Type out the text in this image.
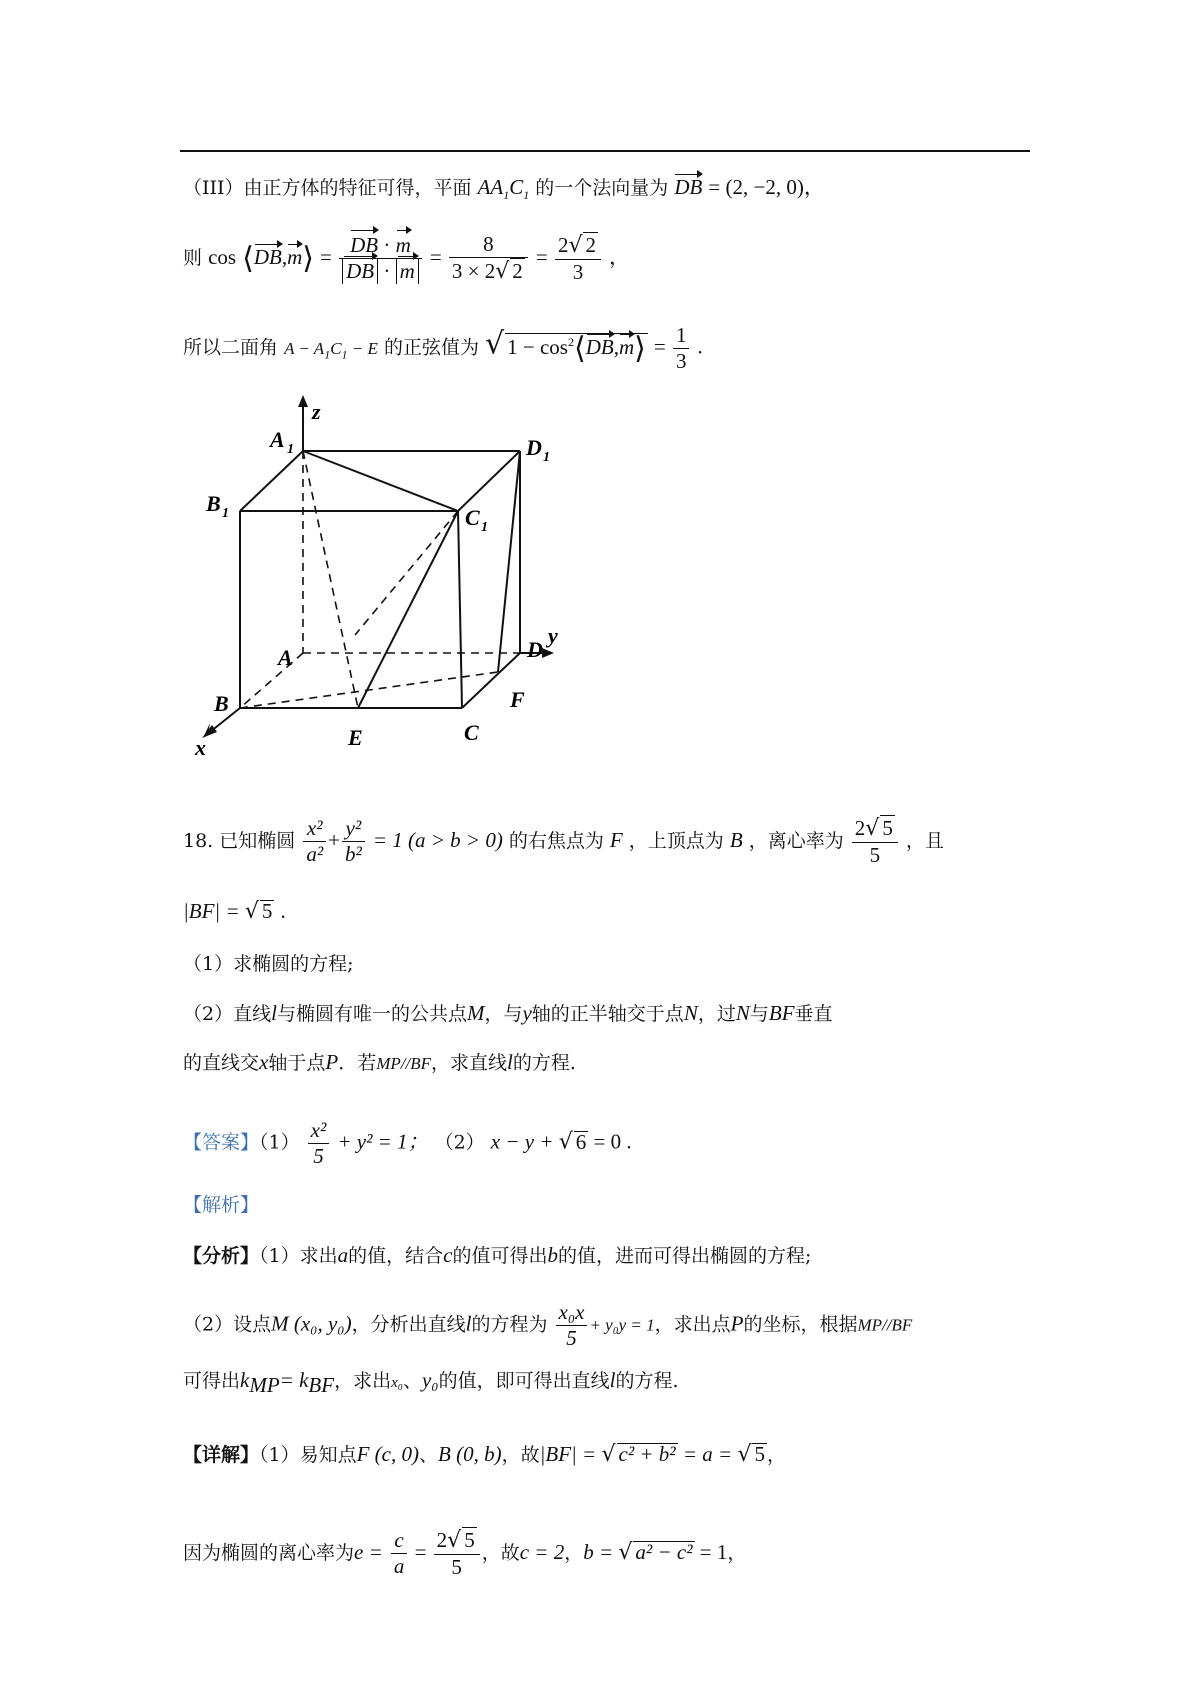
（III）由正方体的特征可得，平面 $AA_1C_1$ 的一个法向量为 DB = (2, −2, 0)，
则 cos ⟨DB,m⟩ = $\frac{DB \cdot m}{DB \cdot m} = \frac{8}{3 \times 2√ 2} = \frac{2√ 2}{3}$ ，
所以二面角 $A - A_1C_1 - E$ 的正弦值为 √ $1 - \cos^2⟨DB,m⟩ = \frac{1}{3}$ .
z
y
x
A 1	D 1
B 1	C 1
A	D
B
C
E
F
18. 已知椭圆 $\frac{\text{x²}}{\text{a²}} + \frac{\text{y²}}{\text{b²}} = 1$ (a > b > 0) 的右焦点为 F ，上顶点为 B ，离心率为 $\frac{2√ 5}{5}$ ，且
|BF| = √ 5 .
（1）求椭圆的方程;
（2）直线l与椭圆有唯一的公共点M，与y轴的正半轴交于点N，过N与BF垂直
的直线交x轴于点P．若MP//BF，求直线l的方程.
【答案】$(1) \frac{\text{x²}}{5} + y^2 = 1$； （2） x − y + √ 6 = 0 .
【解析】
【分析】（1）求出a的值，结合c的值可得出b的值，进而可得出椭圆的方程;
（2）设点M (x₀, y₀)，分析出直线l的方程为 $\frac{\text{x₀x}}{5} + y_0y = 1$，求出点P的坐标，根据MP//BF
可得出$k_{MP}= k_{BF}$，求出x₀、y₀的值，即可得出直线l的方程.
【详解】（1）易知点F (c, 0)、B (0, b)，故|BF| = √ c² + b² = a = √ 5 ，
因为椭圆的离心率为$e = \frac{c}{a} = \frac{2√ 5}{5}$ ，故c = 2，b = √ a² − c² = 1，
